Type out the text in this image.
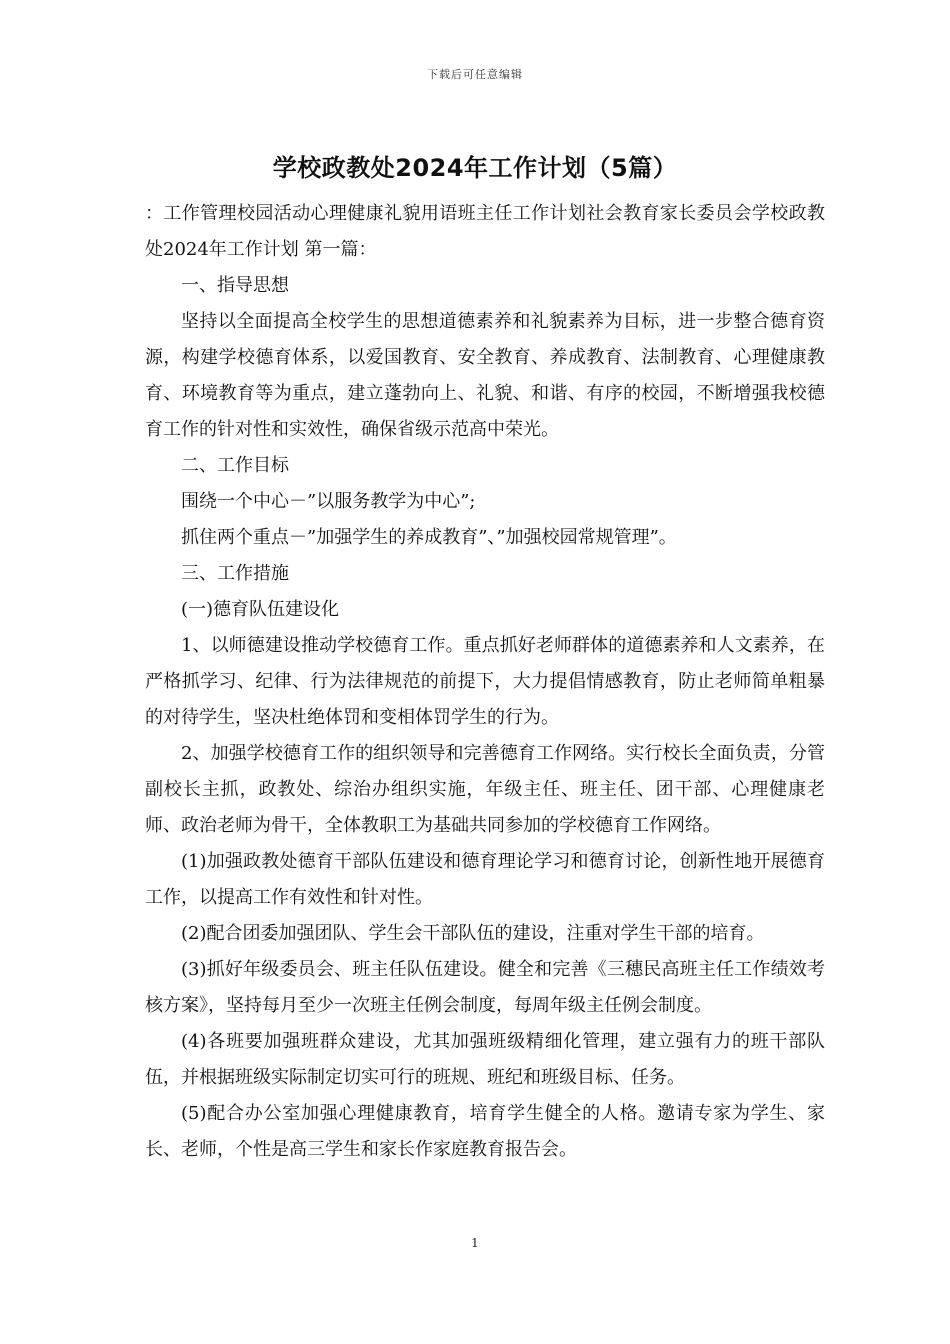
下载后可任意编辑
学校政教处2024年工作计划（5篇）

：工作管理校园活动心理健康礼貌用语班主任工作计划社会教育家长委员会学校政教处2024年工作计划 第一篇：

一、指导思想

坚持以全面提高全校学生的思想道德素养和礼貌素养为目标，进一步整合德育资源，构建学校德育体系，以爱国教育、安全教育、养成教育、法制教育、心理健康教育、环境教育等为重点，建立蓬勃向上、礼貌、和谐、有序的校园，不断增强我校德育工作的针对性和实效性，确保省级示范高中荣光。

二、工作目标

围绕一个中心－”以服务教学为中心”;

抓住两个重点－”加强学生的养成教育”、”加强校园常规管理”。

三、工作措施

(一)德育队伍建设化

1、以师德建设推动学校德育工作。重点抓好老师群体的道德素养和人文素养，在严格抓学习、纪律、行为法律规范的前提下，大力提倡情感教育，防止老师简单粗暴的对待学生，坚决杜绝体罚和变相体罚学生的行为。

2、加强学校德育工作的组织领导和完善德育工作网络。实行校长全面负责，分管副校长主抓，政教处、综治办组织实施，年级主任、班主任、团干部、心理健康老师、政治老师为骨干，全体教职工为基础共同参加的学校德育工作网络。

(1)加强政教处德育干部队伍建设和德育理论学习和德育讨论，创新性地开展德育工作，以提高工作有效性和针对性。

(2)配合团委加强团队、学生会干部队伍的建设，注重对学生干部的培育。

(3)抓好年级委员会、班主任队伍建设。健全和完善《三穗民高班主任工作绩效考核方案》，坚持每月至少一次班主任例会制度，每周年级主任例会制度。

(4)各班要加强班群众建设，尤其加强班级精细化管理，建立强有力的班干部队伍，并根据班级实际制定切实可行的班规、班纪和班级目标、任务。

(5)配合办公室加强心理健康教育，培育学生健全的人格。邀请专家为学生、家长、老师，个性是高三学生和家长作家庭教育报告会。

1
